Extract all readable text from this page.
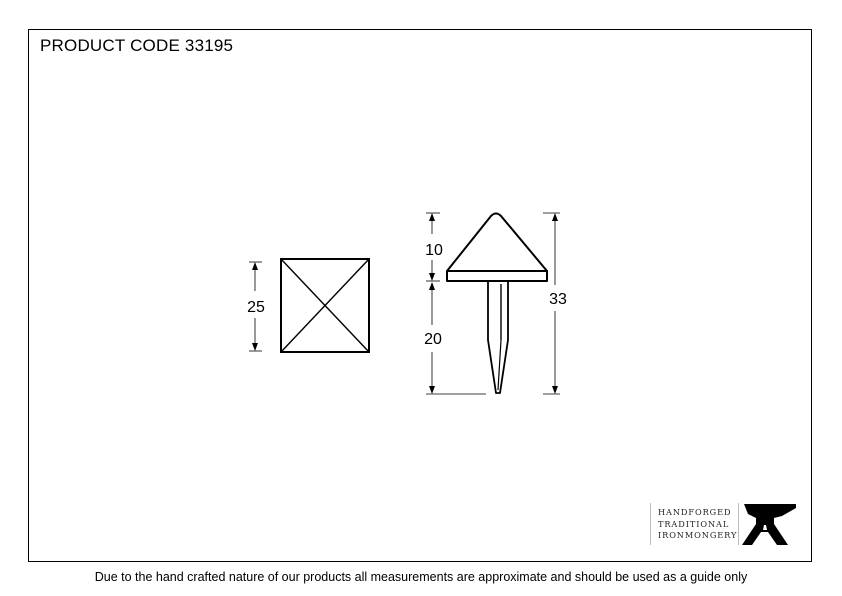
PRODUCT CODE 33195
25
10
20
33
HANDFORGED
TRADITIONAL
IRONMONGERY
Due to the hand crafted nature of our products all measurements are approximate and should be used as a guide only
